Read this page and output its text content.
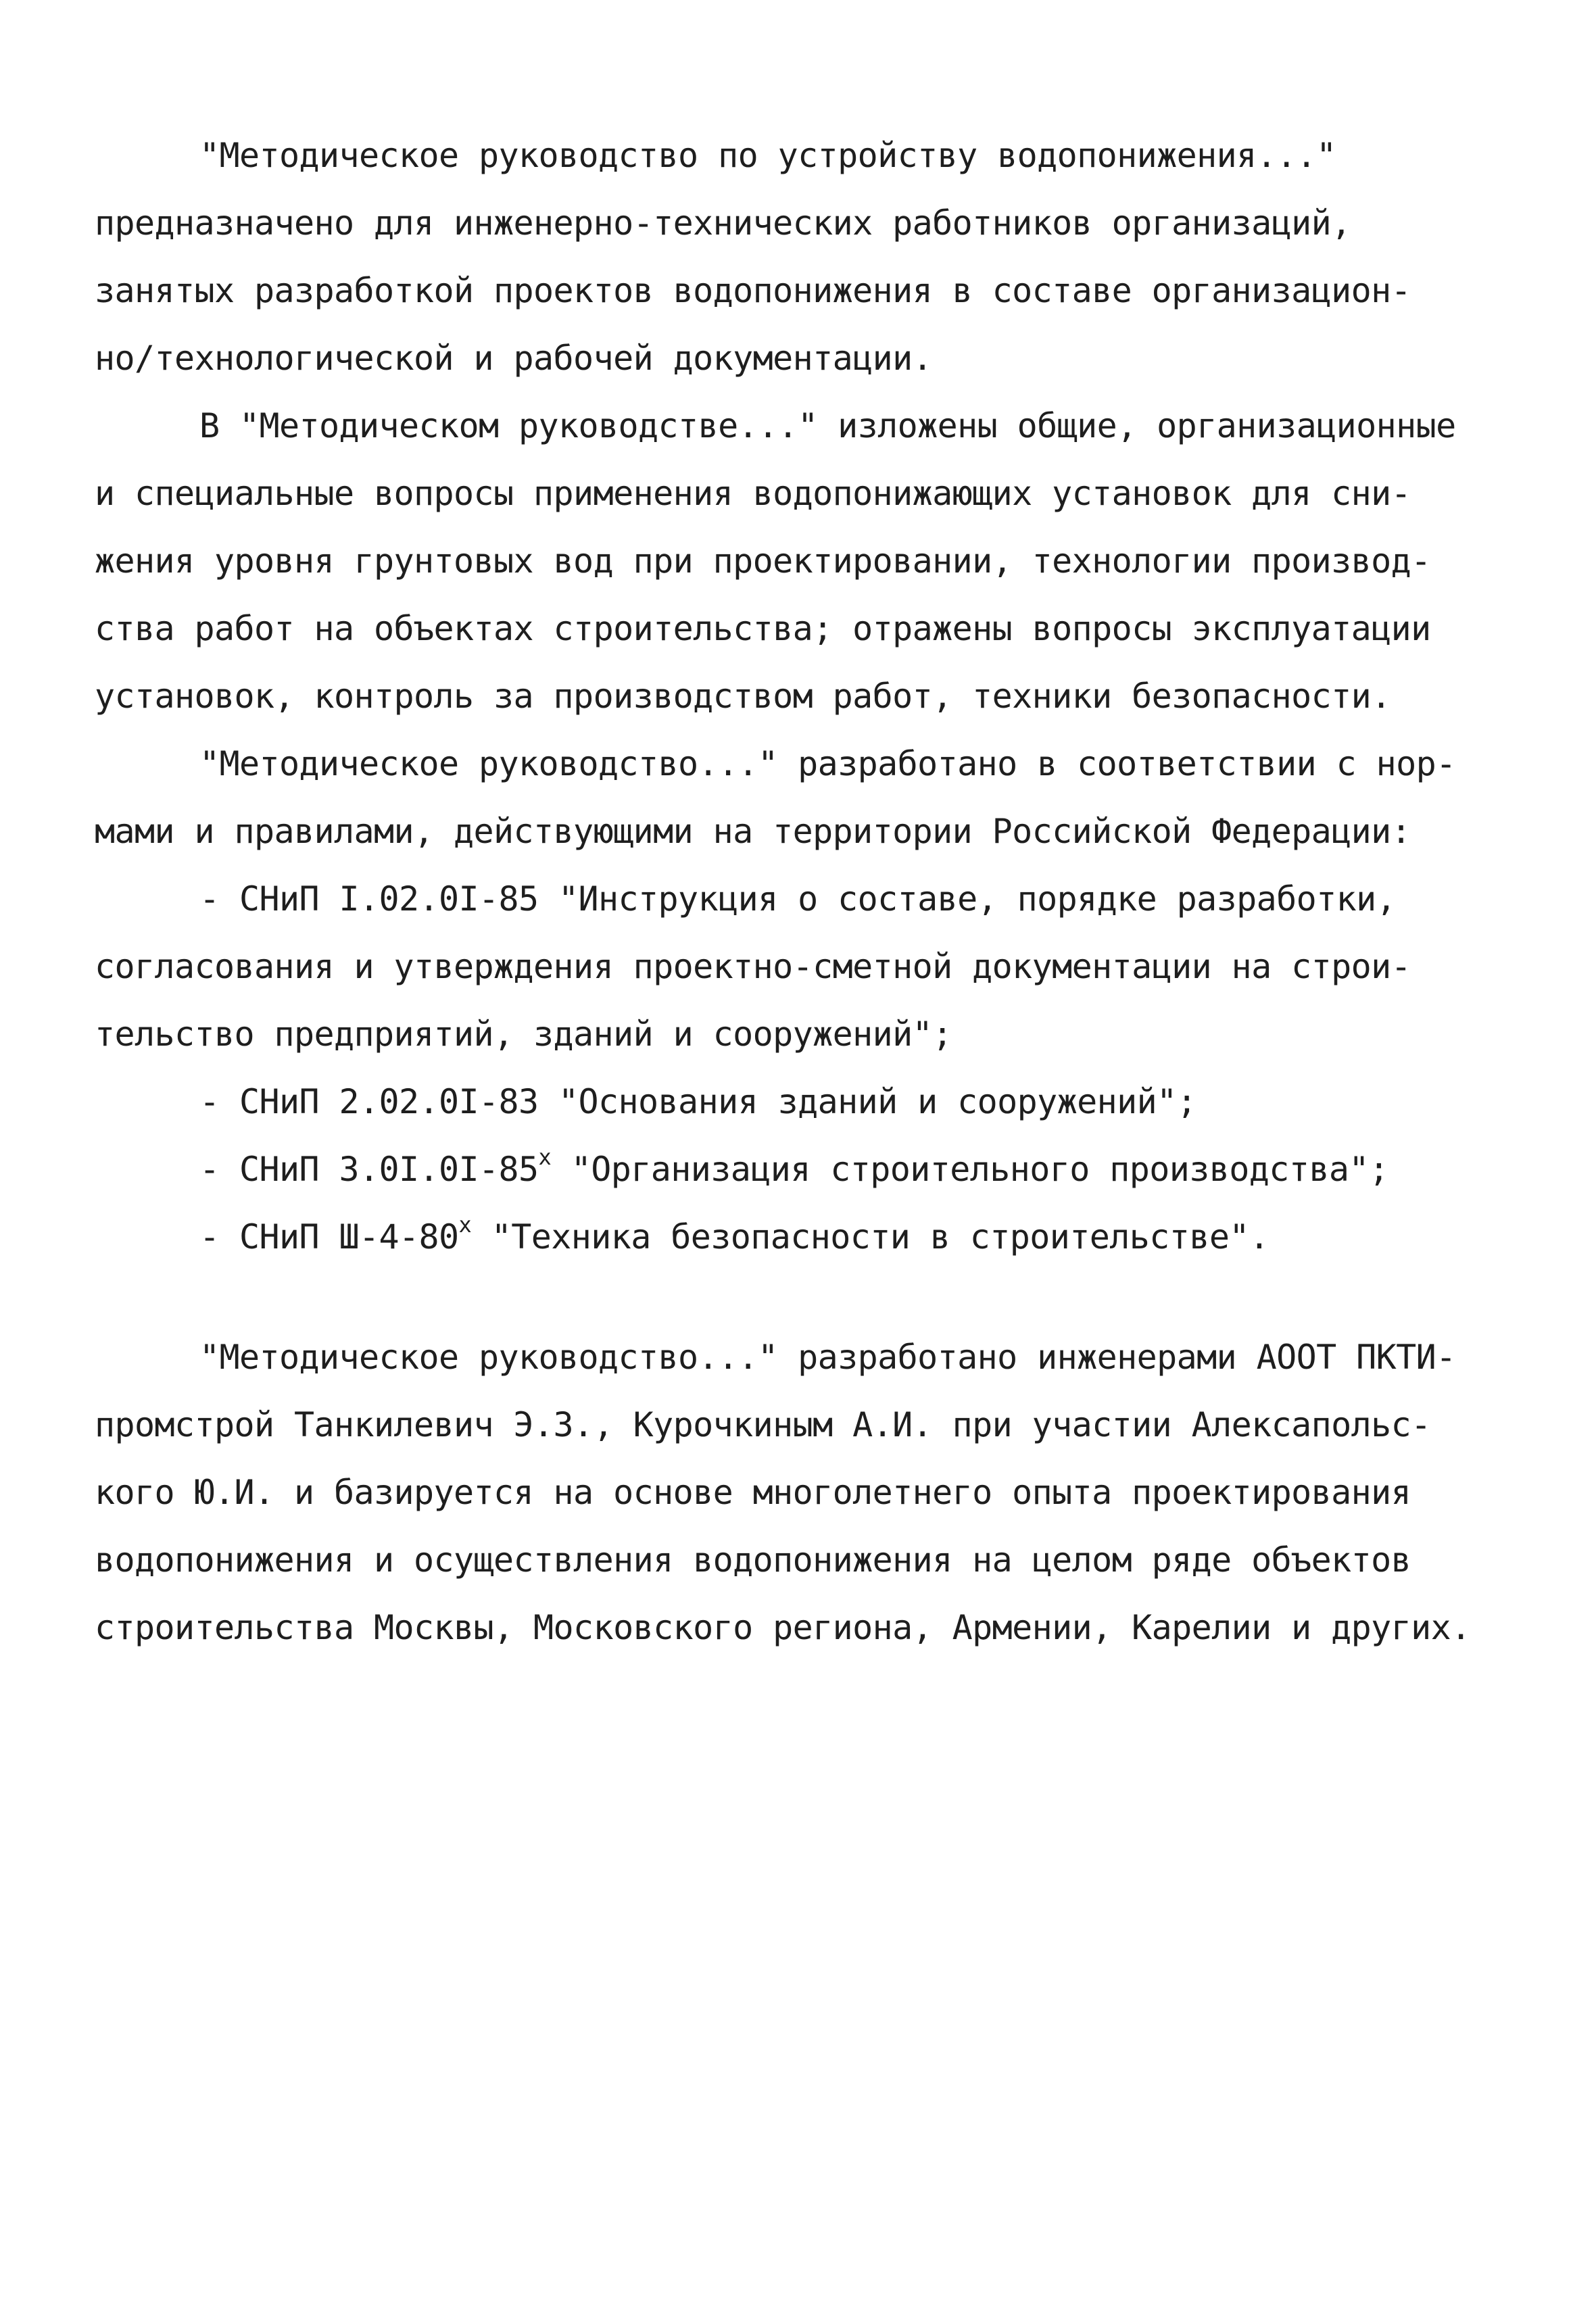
"Методическое руководство по устройству водопонижения..."
предназначено для инженерно-технических работников организаций,
занятых разработкой проектов водопонижения в составе организацион-
но/технологической и рабочей документации.
В "Методическом руководстве..." изложены общие, организационные
и специальные вопросы применения водопонижающих установок для сни-
жения уровня грунтовых вод при проектировании, технологии производ-
ства работ на объектах строительства; отражены вопросы эксплуатации
установок, контроль за производством работ, техники безопасности.
"Методическое руководство..." разработано в соответствии с нор-
мами и правилами, действующими на территории Российской Федерации:
- СНиП I.02.0I-85 "Инструкция о составе, порядке разработки,
согласования и утверждения проектно-сметной документации на строи-
тельство предприятий, зданий и сооружений";
- СНиП 2.02.0I-83 "Основания зданий и сооружений";
- СНиП 3.0I.0I-85$^x$ "Организация строительного производства";
- СНиП Ш-4-80$^x$ "Техника безопасности в строительстве".
"Методическое руководство..." разработано инженерами АООТ ПКТИ-
промстрой Танкилевич Э.З., Курочкиным А.И. при участии Алексапольс-
кого Ю.И. и базируется на основе многолетнего опыта проектирования
водопонижения и осуществления водопонижения на целом ряде объектов
строительства Москвы, Московского региона, Армении, Карелии и других.
